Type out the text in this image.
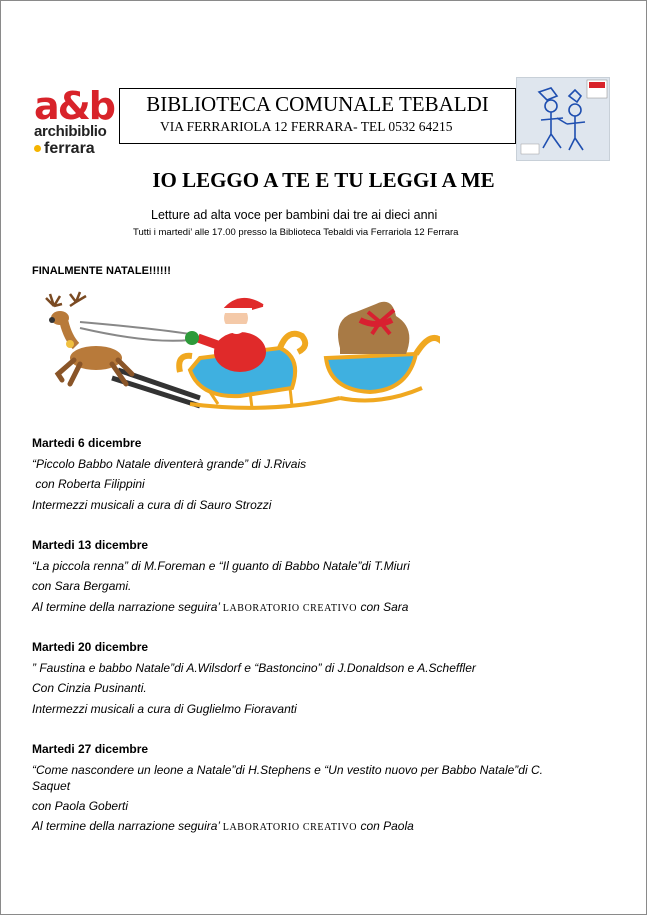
a&b
archibiblio
ferrara
BIBLIOTECA COMUNALE TEBALDI
VIA FERRARIOLA 12 FERRARA- TEL 0532 64215
IO LEGGO A TE E TU LEGGI A ME
Letture ad alta voce per bambini dai tre ai dieci anni
Tutti i martedi’ alle 17.00 presso la Biblioteca Tebaldi via Ferrariola 12 Ferrara
FINALMENTE NATALE!!!!!!
Martedi 6 dicembre
“Piccolo Babbo Natale diventerà grande” di J.Rivais
con Roberta Filippini
Intermezzi musicali a cura di di Sauro Strozzi
Martedi 13 dicembre
“La piccola renna” di M.Foreman e “Il guanto di Babbo Natale”di T.Miuri
con Sara Bergami.
Al termine della narrazione seguira’ LABORATORIO CREATIVO con Sara
Martedi 20 dicembre
” Faustina e babbo Natale”di A.Wilsdorf e “Bastoncino” di J.Donaldson e A.Scheffler
Con Cinzia Pusinanti.
Intermezzi musicali a cura di Guglielmo Fioravanti
Martedi 27 dicembre
“Come nascondere un leone a Natale”di H.Stephens e “Un vestito nuovo per Babbo Natale”di C.
Saquet
con Paola Goberti
Al termine della narrazione seguira’ LABORATORIO CREATIVO con Paola
